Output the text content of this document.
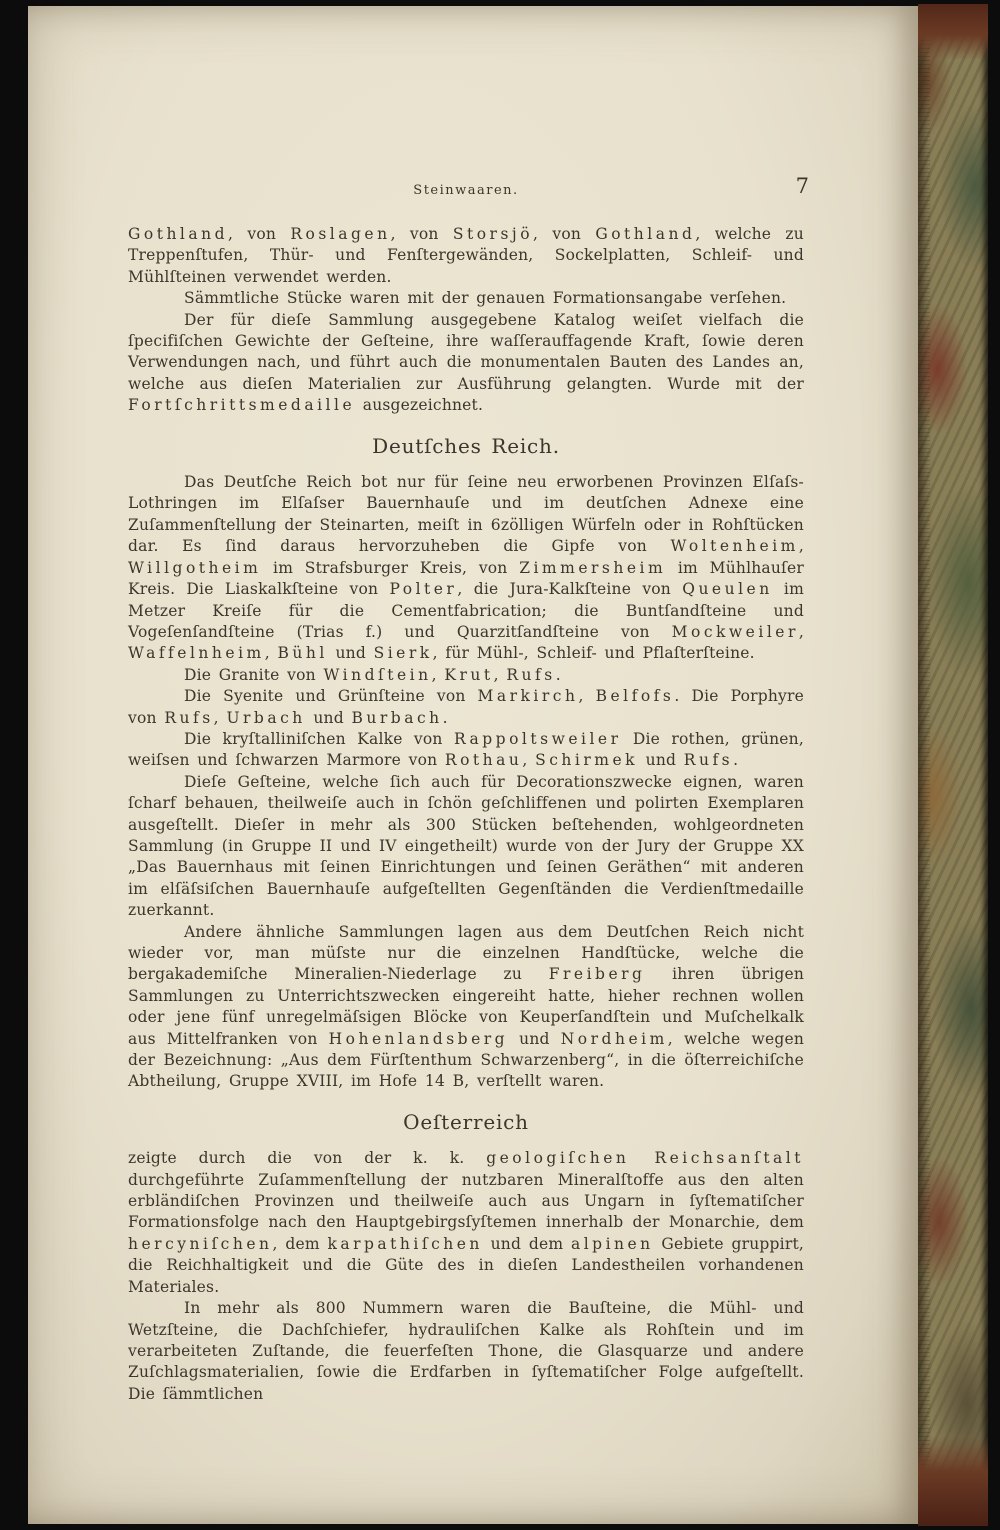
Steinwaaren.	7

Gothland, von Roslagen, von Storsjö, von Gothland, welche zu Treppenſtufen, Thür- und Fenſtergewänden, Sockelplatten, Schleif- und Mühlſteinen verwendet werden.

Sämmtliche Stücke waren mit der genauen Formationsangabe verſehen.

Der für dieſe Sammlung ausgegebene Katalog weiſet vielfach die ſpecifiſchen Gewichte der Geſteine, ihre waſſerauffagende Kraft, ſowie deren Verwendungen nach, und führt auch die monumentalen Bauten des Landes an, welche aus dieſen Materialien zur Ausführung gelangten. Wurde mit der Fortſchrittsmedaille ausgezeichnet.

Deutſches Reich.

Das Deutſche Reich bot nur für ſeine neu erworbenen Provinzen Elſaſs-Lothringen im Elſaſser Bauernhauſe und im deutſchen Adnexe eine Zuſammenſtellung der Steinarten, meiſt in 6zölligen Würfeln oder in Rohſtücken dar. Es ſind daraus hervorzuheben die Gipfe von Woltenheim, Willgotheim im Strafsburger Kreis, von Zimmersheim im Mühlhauſer Kreis. Die Liaskalkſteine von Polter, die Jura-Kalkſteine von Queulen im Metzer Kreiſe für die Cementfabrication; die Buntſandſteine und Vogeſenſandſteine (Trias f.) und Quarzitſandſteine von Mockweiler, Waffelnheim, Bühl und Sierk, für Mühl-, Schleif- und Pflaſterſteine.

Die Granite von Windſtein, Krut, Rufs.

Die Syenite und Grünſteine von Markirch, Belfofs. Die Porphyre von Rufs, Urbach und Burbach.

Die kryſtalliniſchen Kalke von Rappoltsweiler Die rothen, grünen, weiſsen und ſchwarzen Marmore von Rothau, Schirmek und Rufs.

Dieſe Geſteine, welche ſich auch für Decorationszwecke eignen, waren ſcharf behauen, theilweiſe auch in ſchön geſchliffenen und polirten Exemplaren ausgeſtellt. Dieſer in mehr als 300 Stücken beſtehenden, wohlgeordneten Sammlung (in Gruppe II und IV eingetheilt) wurde von der Jury der Gruppe XX „Das Bauernhaus mit ſeinen Einrichtungen und ſeinen Geräthen“ mit anderen im elſäſsiſchen Bauernhauſe aufgeſtellten Gegenſtänden die Verdienſtmedaille zuerkannt.

Andere ähnliche Sammlungen lagen aus dem Deutſchen Reich nicht wieder vor, man müſste nur die einzelnen Handſtücke, welche die bergakademiſche Mineralien-Niederlage zu Freiberg ihren übrigen Sammlungen zu Unterrichtszwecken eingereiht hatte, hieher rechnen wollen oder jene fünf unregelmäſsigen Blöcke von Keuperſandſtein und Muſchelkalk aus Mittelfranken von Hohenlandsberg und Nordheim, welche wegen der Bezeichnung: „Aus dem Fürſtenthum Schwarzenberg“, in die öſterreichiſche Abtheilung, Gruppe XVIII, im Hofe 14 B, verſtellt waren.

Oeſterreich

zeigte durch die von der k. k. geologiſchen Reichsanſtalt durchgeführte Zuſammenſtellung der nutzbaren Mineralſtoffe aus den alten erbländiſchen Provinzen und theilweiſe auch aus Ungarn in ſyſtematiſcher Formationsfolge nach den Hauptgebirgsſyſtemen innerhalb der Monarchie, dem hercyniſchen, dem karpathiſchen und dem alpinen Gebiete gruppirt, die Reichhaltigkeit und die Güte des in dieſen Landestheilen vorhandenen Materiales.

In mehr als 800 Nummern waren die Bauſteine, die Mühl- und Wetzſteine, die Dachſchiefer, hydrauliſchen Kalke als Rohſtein und im verarbeiteten Zuſtande, die feuerfeſten Thone, die Glasquarze und andere Zuſchlagsmaterialien, ſowie die Erdfarben in ſyſtematiſcher Folge aufgeſtellt. Die ſämmtlichen
